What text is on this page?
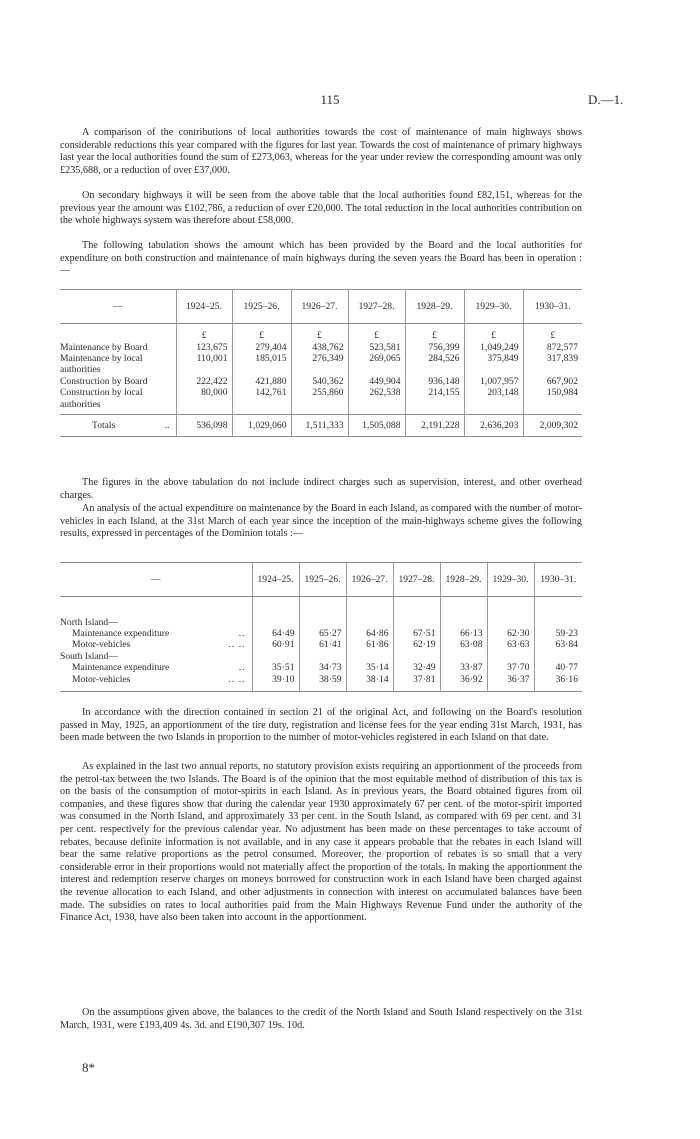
115	D.—1.

A comparison of the contributions of local authorities towards the cost of maintenance of main highways shows considerable reductions this year compared with the figures for last year. Towards the cost of maintenance of primary highways last year the local authorities found the sum of £273,063, whereas for the year under review the corresponding amount was only £235,688, or a reduction of over £37,000.

On secondary highways it will be seen from the above table that the local authorities found £82,151, whereas for the previous year the amount was £102,786, a reduction of over £20,000. The total reduction in the local authorities contribution on the whole highways system was therefore about £58,000.

The following tabulation shows the amount which has been provided by the Board and the local authorities for expenditure on both construction and maintenance of main highways during the seven years the Board has been in operation :—

—	1924–25.	1925–26.	1926–27.	1927–28.	1928–29.	1929–30.	1930–31.
	£	£	£	£	£	£	£
Maintenance by Board	123,675	279,404	438,762	523,581	756,399	1,049,249	872,577
Maintenance by local authorities	110,001	185,015	276,349	269,065	284,526	375,849	317,839
Construction by Board	222,422	421,880	540,362	449,904	936,148	1,007,957	667,902
Construction by local authorities	80,000	142,761	255,860	262,538	214,155	203,148	150,984
Totals ..	536,098	1,029,060	1,511,333	1,505,088	2,191,228	2,636,203	2,009,302

The figures in the above tabulation do not include indirect charges such as supervision, interest, and other overhead charges.

An analysis of the actual expenditure on maintenance by the Board in each Island, as compared with the number of motor-vehicles in each Island, at the 31st March of each year since the inception of the main-highways scheme gives the following results, expressed in percentages of the Dominion totals :—

—		1924–25.	1925–26.	1926–27.	1927–28.	1928–29.	1929–30.	1930–31.

North Island—								
Maintenance expenditure	..	64·49	65·27	64·86	67·51	66·13	62·30	59·23
Motor-vehicles	.. ..	60·91	61·41	61·86	62·19	63·08	63·63	63·84
South Island—								
Maintenance expenditure	..	35·51	34·73	35·14	32·49	33·87	37·70	40·77
Motor-vehicles	.. ..	39·10	38·59	38·14	37·81	36·92	36·37	36·16

In accordance with the direction contained in section 21 of the original Act, and following on the Board's resolution passed in May, 1925, an apportionment of the tire duty, registration and license fees for the year ending 31st March, 1931, has been made between the two Islands in proportion to the number of motor-vehicles registered in each Island on that date.

As explained in the last two annual reports, no statutory provision exists requiring an apportionment of the proceeds from the petrol-tax between the two Islands. The Board is of the opinion that the most equitable method of distribution of this tax is on the basis of the consumption of motor-spirits in each Island. As in previous years, the Board obtained figures from oil companies, and these figures show that during the calendar year 1930 approximately 67 per cent. of the motor-spirit imported was consumed in the North Island, and approximately 33 per cent. in the South Island, as compared with 69 per cent. and 31 per cent. respectively for the previous calendar year. No adjustment has been made on these percentages to take account of rebates, because definite information is not available, and in any case it appears probable that the rebates in each Island will bear the same relative proportions as the petrol consumed. Moreover, the proportion of rebates is so small that a very considerable error in their proportions would not materially affect the proportion of the totals. In making the apportionment the interest and redemption reserve charges on moneys borrowed for construction work in each Island have been charged against the revenue allocation to each Island, and other adjustments in connection with interest on accumulated balances have been made. The subsidies on rates to local authorities paid from the Main Highways Revenue Fund under the authority of the Finance Act, 1930, have also been taken into account in the apportionment.

On the assumptions given above, the balances to the credit of the North Island and South Island respectively on the 31st March, 1931, were £193,409 4s. 3d. and £190,307 19s. 10d.

8*
